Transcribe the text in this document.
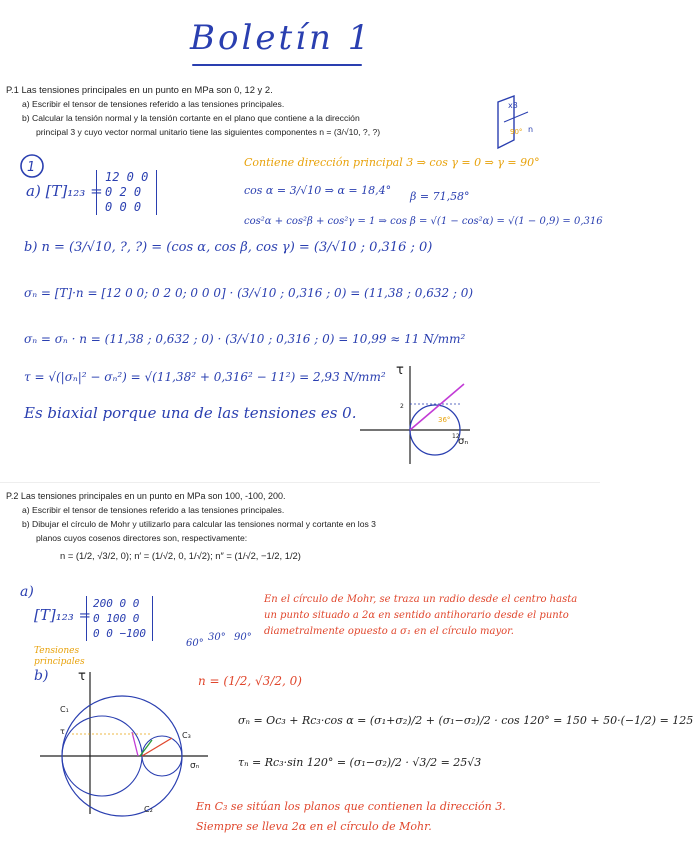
Boletín 1
P.1 Las tensiones principales en un punto en MPa son 0, 12 y 2.
a) Escribir el tensor de tensiones referido a las tensiones principales.
b) Calcular la tensión normal y la tensión cortante en el plano que contiene a la dirección
principal 3 y cuyo vector normal unitario tiene las siguientes componentes n = (3/√10, ?, ?)
x3
90° n
1
a) [T]₁₂₃ =
12 0 0
0 2 0
0 0 0
Contiene dirección principal 3 ⇒ cos γ = 0 ⇒ γ = 90°
cos α = 3/√10 ⇒ α = 18,4° β = 71,58°
cos²α + cos²β + cos²γ = 1 ⇒ cos β = √(1 − cos²α) = √(1 − 0,9) = 0,316
b) n = (3/√10, ?, ?) = (cos α, cos β, cos γ) = (3/√10 ; 0,316 ; 0)
σₙ = [T]·n = [12 0 0; 0 2 0; 0 0 0] · (3/√10 ; 0,316 ; 0) = (11,38 ; 0,632 ; 0)
σₙ = σₙ · n = (11,38 ; 0,632 ; 0) · (3/√10 ; 0,316 ; 0) = 10,99 ≈ 11 N/mm²
τ = √(|σₙ|² − σₙ²) = √(11,38² + 0,316² − 11²) = 2,93 N/mm²
Es biaxial porque una de las tensiones es 0.
τ
σₙ
36°
2
12
P.2 Las tensiones principales en un punto en MPa son 100, -100, 200.
a) Escribir el tensor de tensiones referido a las tensiones principales.
b) Dibujar el círculo de Mohr y utilizarlo para calcular las tensiones normal y cortante en los 3
planos cuyos cosenos directores son, respectivamente:
n = (1/2, √3/2, 0); n′ = (1/√2, 0, 1/√2); n″ = (1/√2, −1/2, 1/2)
a)
[T]₁₂₃ =
200 0 0
0 100 0
0 0 −100
Tensiones principales
60°
30° 90°
n = (1/2, √3/2, 0)
En el círculo de Mohr, se traza un radio desde el centro hasta un punto situado a 2α en sentido antihorario desde el punto diametralmente opuesto a σ₁ en el círculo mayor.
b) τ
σₙ
τ
C₁
C₂
C₃
σₙ = Oc₃ + Rc₃·cos α = (σ₁+σ₂)/2 + (σ₁−σ₂)/2 · cos 120° = 150 + 50·(−1/2) = 125
τₙ = Rc₃·sin 120° = (σ₁−σ₂)/2 · √3/2 = 25√3
En C₃ se sitúan los planos que contienen la dirección 3.
Siempre se lleva 2α en el círculo de Mohr.
